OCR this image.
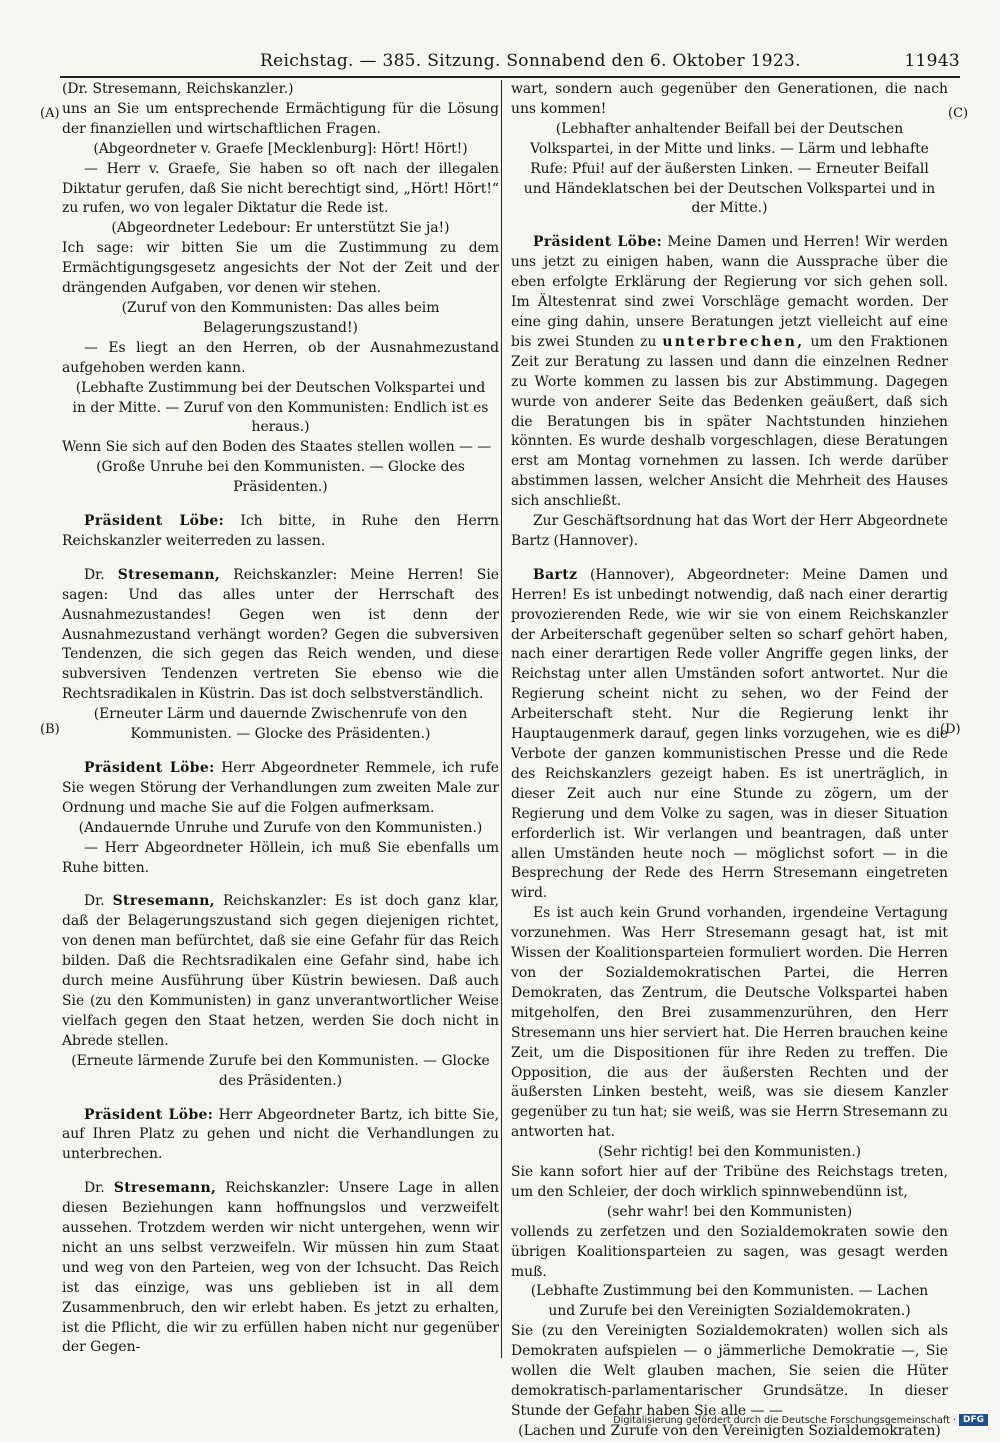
Reichstag. — 385. Sitzung. Sonnabend den 6. Oktober 1923.	11943
(A)
(B)
(C)
(D)

(Dr. Stresemann, Reichskanzler.)

uns an Sie um entsprechende Ermächtigung für die Lösung der finanziellen und wirtschaftlichen Fragen.

(Abgeordneter v. Graefe [Mecklenburg]: Hört! Hört!)

— Herr v. Graefe, Sie haben so oft nach der illegalen Diktatur gerufen, daß Sie nicht berechtigt sind, „Hört! Hört!“ zu rufen, wo von legaler Diktatur die Rede ist.

(Abgeordneter Ledebour: Er unterstützt Sie ja!)

Ich sage: wir bitten Sie um die Zustimmung zu dem Ermächtigungsgesetz angesichts der Not der Zeit und der drängenden Aufgaben, vor denen wir stehen.

(Zuruf von den Kommunisten: Das alles beim Belagerungszustand!)

— Es liegt an den Herren, ob der Ausnahmezustand aufgehoben werden kann.

(Lebhafte Zustimmung bei der Deutschen Volkspartei und in der Mitte. — Zuruf von den Kommunisten: Endlich ist es heraus.)

Wenn Sie sich auf den Boden des Staates stellen wollen — —

(Große Unruhe bei den Kommunisten. — Glocke des Präsidenten.)

Präsident Löbe: Ich bitte, in Ruhe den Herrn Reichskanzler weiterreden zu lassen.

Dr. Stresemann, Reichskanzler: Meine Herren! Sie sagen: Und das alles unter der Herrschaft des Ausnahmezustandes! Gegen wen ist denn der Ausnahmezustand verhängt worden? Gegen die subversiven Tendenzen, die sich gegen das Reich wenden, und diese subversiven Tendenzen vertreten Sie ebenso wie die Rechtsradikalen in Küstrin. Das ist doch selbstverständlich.

(Erneuter Lärm und dauernde Zwischenrufe von den Kommunisten. — Glocke des Präsidenten.)

Präsident Löbe: Herr Abgeordneter Remmele, ich rufe Sie wegen Störung der Verhandlungen zum zweiten Male zur Ordnung und mache Sie auf die Folgen aufmerksam.

(Andauernde Unruhe und Zurufe von den Kommunisten.)

— Herr Abgeordneter Höllein, ich muß Sie ebenfalls um Ruhe bitten.

Dr. Stresemann, Reichskanzler: Es ist doch ganz klar, daß der Belagerungszustand sich gegen diejenigen richtet, von denen man befürchtet, daß sie eine Gefahr für das Reich bilden. Daß die Rechtsradikalen eine Gefahr sind, habe ich durch meine Ausführung über Küstrin bewiesen. Daß auch Sie (zu den Kommunisten) in ganz unverantwortlicher Weise vielfach gegen den Staat hetzen, werden Sie doch nicht in Abrede stellen.

(Erneute lärmende Zurufe bei den Kommunisten. — Glocke des Präsidenten.)

Präsident Löbe: Herr Abgeordneter Bartz, ich bitte Sie, auf Ihren Platz zu gehen und nicht die Verhandlungen zu unterbrechen.

Dr. Stresemann, Reichskanzler: Unsere Lage in allen diesen Beziehungen kann hoffnungslos und verzweifelt aussehen. Trotzdem werden wir nicht untergehen, wenn wir nicht an uns selbst verzweifeln. Wir müssen hin zum Staat und weg von den Parteien, weg von der Ichsucht. Das Reich ist das einzige, was uns geblieben ist in all dem Zusammenbruch, den wir erlebt haben. Es jetzt zu erhalten, ist die Pflicht, die wir zu erfüllen haben nicht nur gegenüber der Gegen-

wart, sondern auch gegenüber den Generationen, die nach uns kommen!

(Lebhafter anhaltender Beifall bei der Deutschen Volkspartei, in der Mitte und links. — Lärm und lebhafte Rufe: Pfui! auf der äußersten Linken. — Erneuter Beifall und Händeklatschen bei der Deutschen Volkspartei und in der Mitte.)

Präsident Löbe: Meine Damen und Herren! Wir werden uns jetzt zu einigen haben, wann die Aussprache über die eben erfolgte Erklärung der Regierung vor sich gehen soll. Im Ältestenrat sind zwei Vorschläge gemacht worden. Der eine ging dahin, unsere Beratungen jetzt vielleicht auf eine bis zwei Stunden zu unterbrechen, um den Fraktionen Zeit zur Beratung zu lassen und dann die einzelnen Redner zu Worte kommen zu lassen bis zur Abstimmung. Dagegen wurde von anderer Seite das Bedenken geäußert, daß sich die Beratungen bis in später Nachtstunden hinziehen könnten. Es wurde deshalb vorgeschlagen, diese Beratungen erst am Montag vornehmen zu lassen. Ich werde darüber abstimmen lassen, welcher Ansicht die Mehrheit des Hauses sich anschließt.

Zur Geschäftsordnung hat das Wort der Herr Abgeordnete Bartz (Hannover).

Bartz (Hannover), Abgeordneter: Meine Damen und Herren! Es ist unbedingt notwendig, daß nach einer derartig provozierenden Rede, wie wir sie von einem Reichskanzler der Arbeiterschaft gegenüber selten so scharf gehört haben, nach einer derartigen Rede voller Angriffe gegen links, der Reichstag unter allen Umständen sofort antwortet. Nur die Regierung scheint nicht zu sehen, wo der Feind der Arbeiterschaft steht. Nur die Regierung lenkt ihr Hauptaugenmerk darauf, gegen links vorzugehen, wie es die Verbote der ganzen kommunistischen Presse und die Rede des Reichskanzlers gezeigt haben. Es ist unerträglich, in dieser Zeit auch nur eine Stunde zu zögern, um der Regierung und dem Volke zu sagen, was in dieser Situation erforderlich ist. Wir verlangen und beantragen, daß unter allen Umständen heute noch — möglichst sofort — in die Besprechung der Rede des Herrn Stresemann eingetreten wird.

Es ist auch kein Grund vorhanden, irgendeine Vertagung vorzunehmen. Was Herr Stresemann gesagt hat, ist mit Wissen der Koalitionsparteien formuliert worden. Die Herren von der Sozialdemokratischen Partei, die Herren Demokraten, das Zentrum, die Deutsche Volkspartei haben mitgeholfen, den Brei zusammenzurühren, den Herr Stresemann uns hier serviert hat. Die Herren brauchen keine Zeit, um die Dispositionen für ihre Reden zu treffen. Die Opposition, die aus der äußersten Rechten und der äußersten Linken besteht, weiß, was sie diesem Kanzler gegenüber zu tun hat; sie weiß, was sie Herrn Stresemann zu antworten hat.

(Sehr richtig! bei den Kommunisten.)

Sie kann sofort hier auf der Tribüne des Reichstags treten, um den Schleier, der doch wirklich spinnwebendünn ist,

(sehr wahr! bei den Kommunisten)

vollends zu zerfetzen und den Sozialdemokraten sowie den übrigen Koalitionsparteien zu sagen, was gesagt werden muß.

(Lebhafte Zustimmung bei den Kommunisten. — Lachen und Zurufe bei den Vereinigten Sozialdemokraten.)

Sie (zu den Vereinigten Sozialdemokraten) wollen sich als Demokraten aufspielen — o jämmerliche Demokratie —, Sie wollen die Welt glauben machen, Sie seien die Hüter demokratisch-parlamentarischer Grundsätze. In dieser Stunde der Gefahr haben Sie alle — —

(Lachen und Zurufe von den Vereinigten Sozialdemokraten)

Digitalisierung gefördert durch die Deutsche Forschungsgemeinschaft · DFG
